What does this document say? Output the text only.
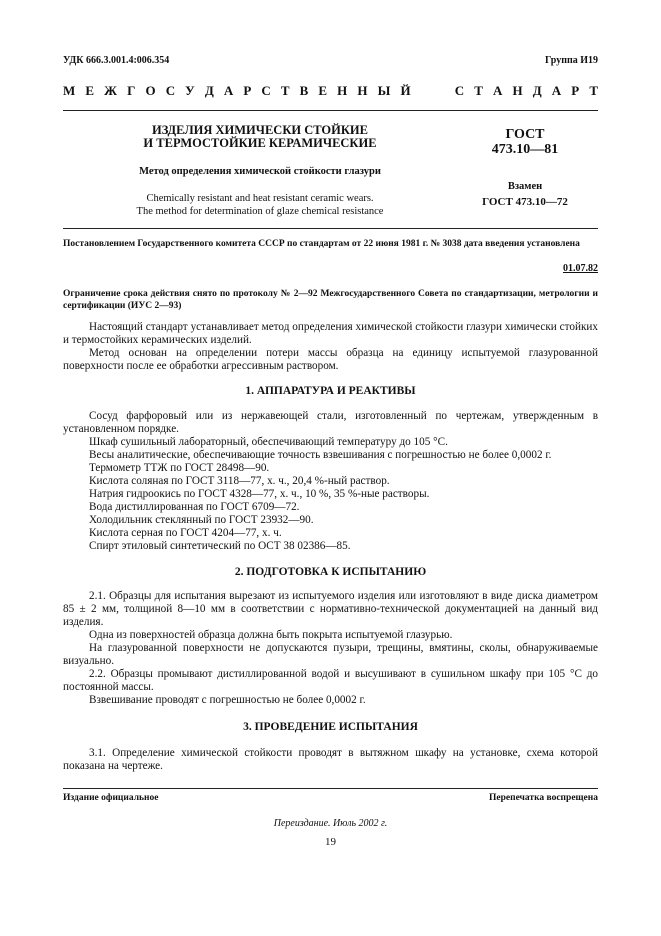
УДК 666.3.001.4:006.354	Группа И19
М Е Ж Г О С У Д А Р С Т В Е Н Н Ы Й	С Т А Н Д А Р Т
ИЗДЕЛИЯ ХИМИЧЕСКИ СТОЙКИЕ
И ТЕРМОСТОЙКИЕ КЕРАМИЧЕСКИЕ
Метод определения химической стойкости глазури
Chemically resistant and heat resistant ceramic wears.
The method for determination of glaze chemical resistance
ГОСТ
473.10—81
Взамен
ГОСТ 473.10—72
Постановлением Государственного комитета СССР по стандартам от 22 июня 1981 г. № 3038 дата введения установлена
01.07.82
Ограничение срока действия снято по протоколу № 2—92 Межгосударственного Совета по стандартизации, метрологии и сертификации (ИУС 2—93)

Настоящий стандарт устанавливает метод определения химической стойкости глазури химически стойких и термостойких керамических изделий.

Метод основан на определении потери массы образца на единицу испытуемой глазурованной поверхности после ее обработки агрессивным раствором.

1. АППАРАТУРА И РЕАКТИВЫ

Сосуд фарфоровый или из нержавеющей стали, изготовленный по чертежам, утвержденным в установленном порядке.

Шкаф сушильный лабораторный, обеспечивающий температуру до 105 °С.

Весы аналитические, обеспечивающие точность взвешивания с погрешностью не более 0,0002 г.

Термометр ТТЖ по ГОСТ 28498—90.

Кислота соляная по ГОСТ 3118—77, х. ч., 20,4 %-ный раствор.

Натрия гидроокись по ГОСТ 4328—77, х. ч., 10 %, 35 %-ные растворы.

Вода дистиллированная по ГОСТ 6709—72.

Холодильник стеклянный по ГОСТ 23932—90.

Кислота серная по ГОСТ 4204—77, х. ч.

Спирт этиловый синтетический по ОСТ 38 02386—85.

2. ПОДГОТОВКА К ИСПЫТАНИЮ

2.1. Образцы для испытания вырезают из испытуемого изделия или изготовляют в виде диска диаметром 85 ± 2 мм, толщиной 8—10 мм в соответствии с нормативно-технической документацией на данный вид изделия.

Одна из поверхностей образца должна быть покрыта испытуемой глазурью.

На глазурованной поверхности не допускаются пузыри, трещины, вмятины, сколы, обнаруживаемые визуально.

2.2. Образцы промывают дистиллированной водой и высушивают в сушильном шкафу при 105 °С до постоянной массы.

Взвешивание проводят с погрешностью не более 0,0002 г.

3. ПРОВЕДЕНИЕ ИСПЫТАНИЯ

3.1. Определение химической стойкости проводят в вытяжном шкафу на установке, схема которой показана на чертеже.

Издание официальное	Перепечатка воспрещена
Переиздание. Июль 2002 г.
19
